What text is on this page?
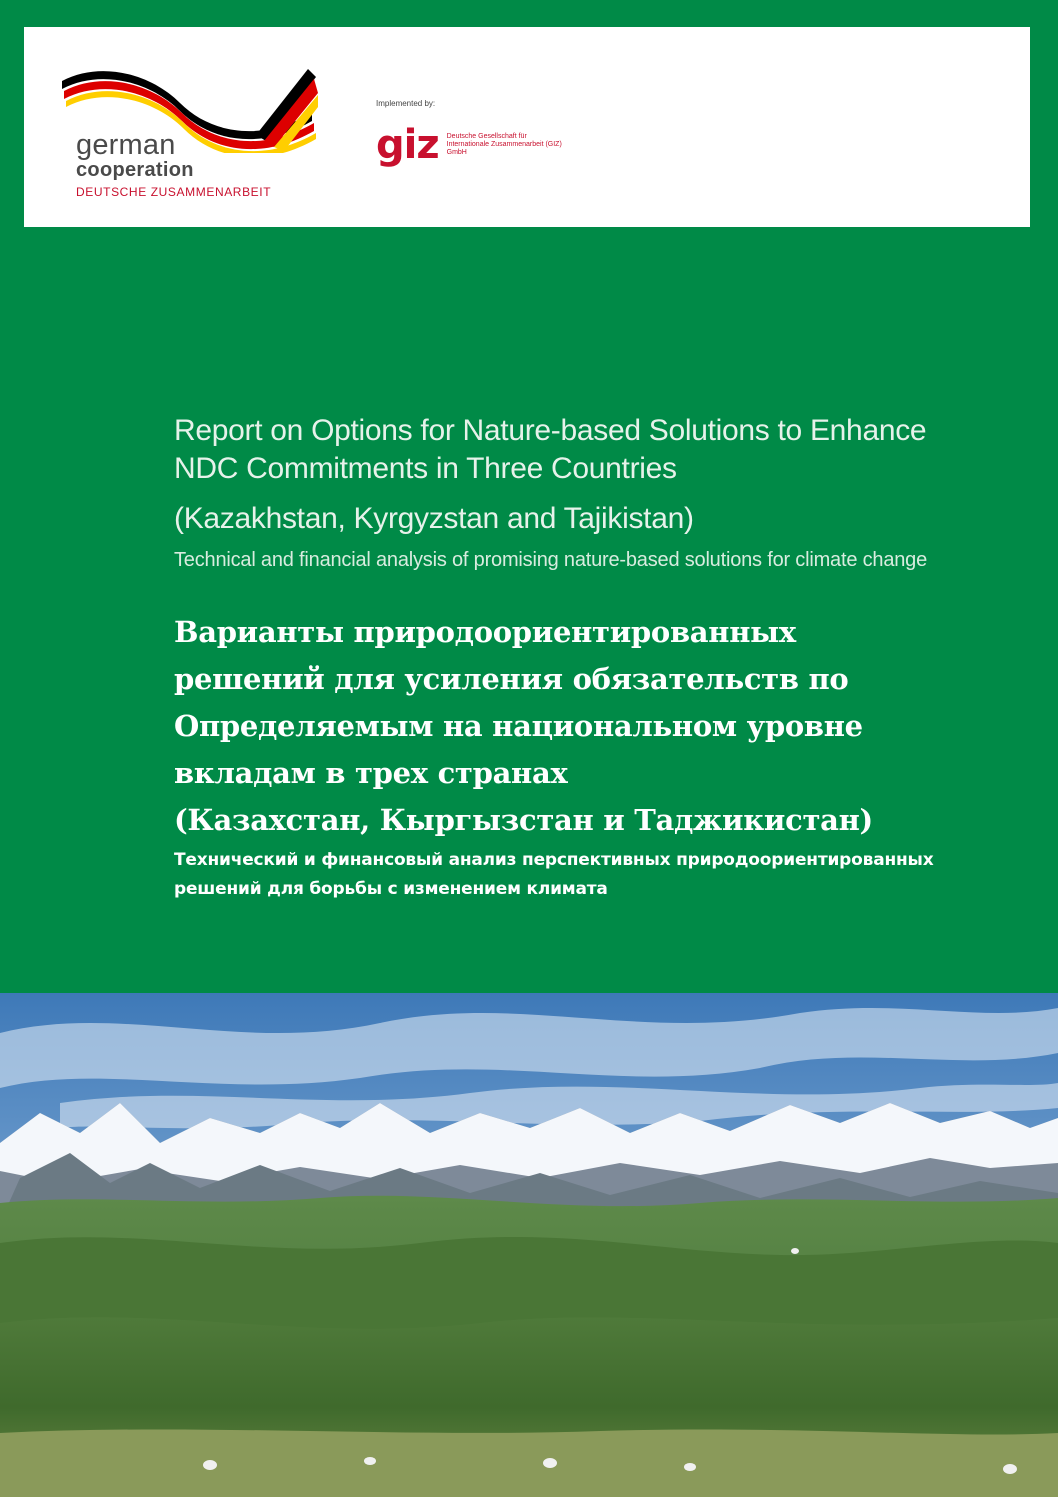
german
cooperation
DEUTSCHE ZUSAMMENARBEIT
Implemented by:
giz Deutsche Gesellschaft für Internationale Zusammenarbeit (GIZ) GmbH
Report on Options for Nature-based Solutions to Enhance NDC Commitments in Three Countries
(Kazakhstan, Kyrgyzstan and Tajikistan)
Technical and financial analysis of promising nature-based solutions for climate change
Варианты природоориентированных решений для усиления обязательств по Определяемым на национальном уровне вкладам в трех странах
(Казахстан, Кыргызстан и Таджикистан)
Технический и финансовый анализ перспективных природоориентированных решений для борьбы с изменением климата
